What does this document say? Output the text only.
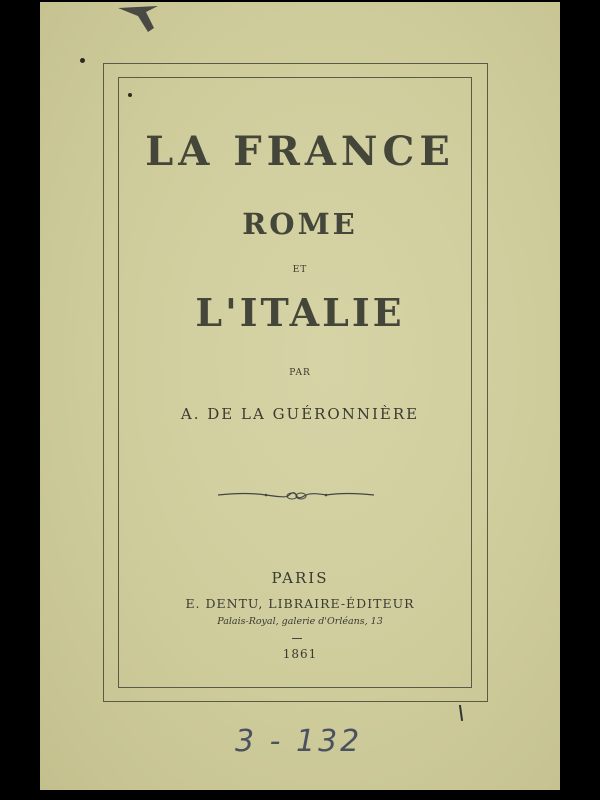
LA FRANCE
ROME
ET
L'ITALIE
PAR
A. DE LA GUÉRONNIÈRE
PARIS
E. DENTU, LIBRAIRE-ÉDITEUR
Palais-Royal, galerie d'Orléans, 13
1861
3 - 132
